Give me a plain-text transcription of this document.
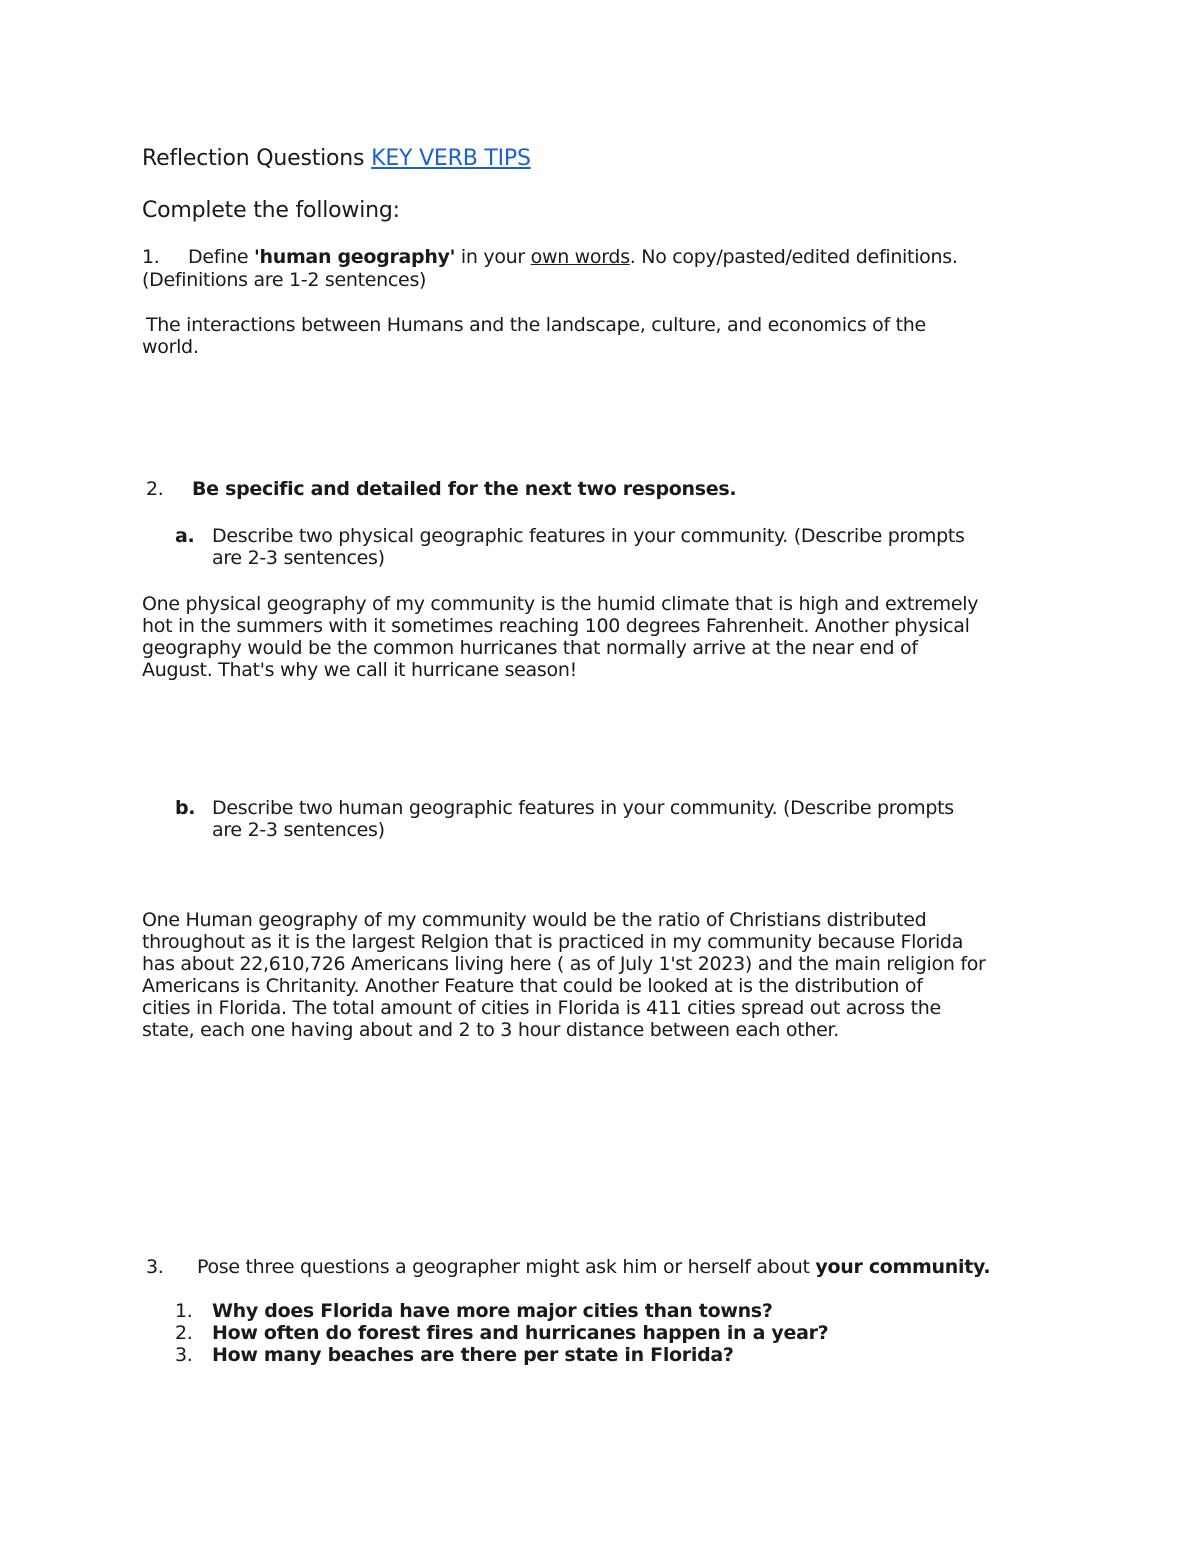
Reflection Questions KEY VERB TIPS
Complete the following:
1. Define 'human geography' in your own words. No copy/pasted/edited definitions.
(Definitions are 1-2 sentences)
The interactions between Humans and the landscape, culture, and economics of the
world.
2. Be specific and detailed for the next two responses.
a. Describe two physical geographic features in your community. (Describe prompts
are 2-3 sentences)
One physical geography of my community is the humid climate that is high and extremely
hot in the summers with it sometimes reaching 100 degrees Fahrenheit. Another physical
geography would be the common hurricanes that normally arrive at the near end of
August. That's why we call it hurricane season!
b. Describe two human geographic features in your community. (Describe prompts
are 2-3 sentences)
One Human geography of my community would be the ratio of Christians distributed
throughout as it is the largest Relgion that is practiced in my community because Florida
has about 22,610,726 Americans living here ( as of July 1'st 2023) and the main religion for
Americans is Chritanity. Another Feature that could be looked at is the distribution of
cities in Florida. The total amount of cities in Florida is 411 cities spread out across the
state, each one having about and 2 to 3 hour distance between each other.
3. Pose three questions a geographer might ask him or herself about your community.
1. Why does Florida have more major cities than towns?
2. How often do forest fires and hurricanes happen in a year?
3. How many beaches are there per state in Florida?
